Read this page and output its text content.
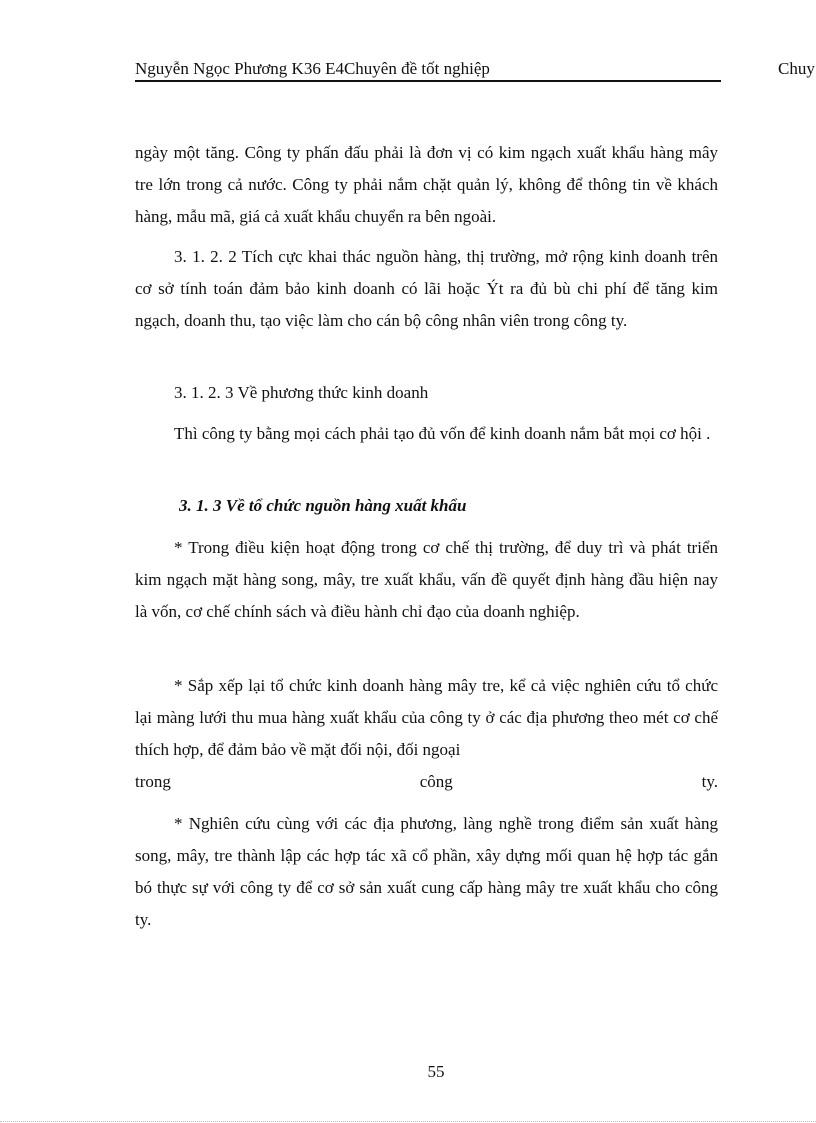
Nguyễn Ngọc Phương K36 E4Chuyên đề tốt nghiệp	Chuy
ngày một tăng. Công ty phấn đấu phải là đơn vị có kim ngạch xuất khẩu hàng mây tre lớn trong cả nước. Công ty phải nắm chặt quản lý, không để thông tin về khách hàng, mẫu mã, giá cả xuất khẩu chuyển ra bên ngoài.
3. 1. 2. 2 Tích cực khai thác nguồn hàng, thị trường, mở rộng kinh doanh trên cơ sở tính toán đảm bảo kinh doanh có lãi hoặc Ýt ra đủ bù chi phí để tăng kim ngạch, doanh thu, tạo việc làm cho cán bộ công nhân viên trong công ty.
3. 1. 2. 3 Về phương thức kinh doanh
Thì công ty bằng mọi cách phải tạo đủ vốn để kinh doanh nắm bắt mọi cơ hội .
3. 1. 3 Về tổ chức nguồn hàng xuất khẩu
* Trong điều kiện hoạt động trong cơ chế thị trường, để duy trì và phát triển kim ngạch mặt hàng song, mây, tre xuất khẩu, vấn đề quyết định hàng đầu hiện nay là vốn, cơ chế chính sách và điều hành chỉ đạo của doanh nghiệp.
* Sắp xếp lại tổ chức kinh doanh hàng mây tre, kể cả việc nghiên cứu tổ chức lại màng lưới thu mua hàng xuất khẩu của công ty ở các địa phương theo mét cơ chế thích hợp, để đảm bảo về mặt đối nội, đối ngoại
trong	công	ty.
* Nghiên cứu cùng với các địa phương, làng nghề trong điểm sản xuất hàng song, mây, tre thành lập các hợp tác xã cổ phần, xây dựng mối quan hệ hợp tác gắn bó thực sự với công ty để cơ sở sản xuất cung cấp hàng mây tre xuất khẩu cho công ty.
55
